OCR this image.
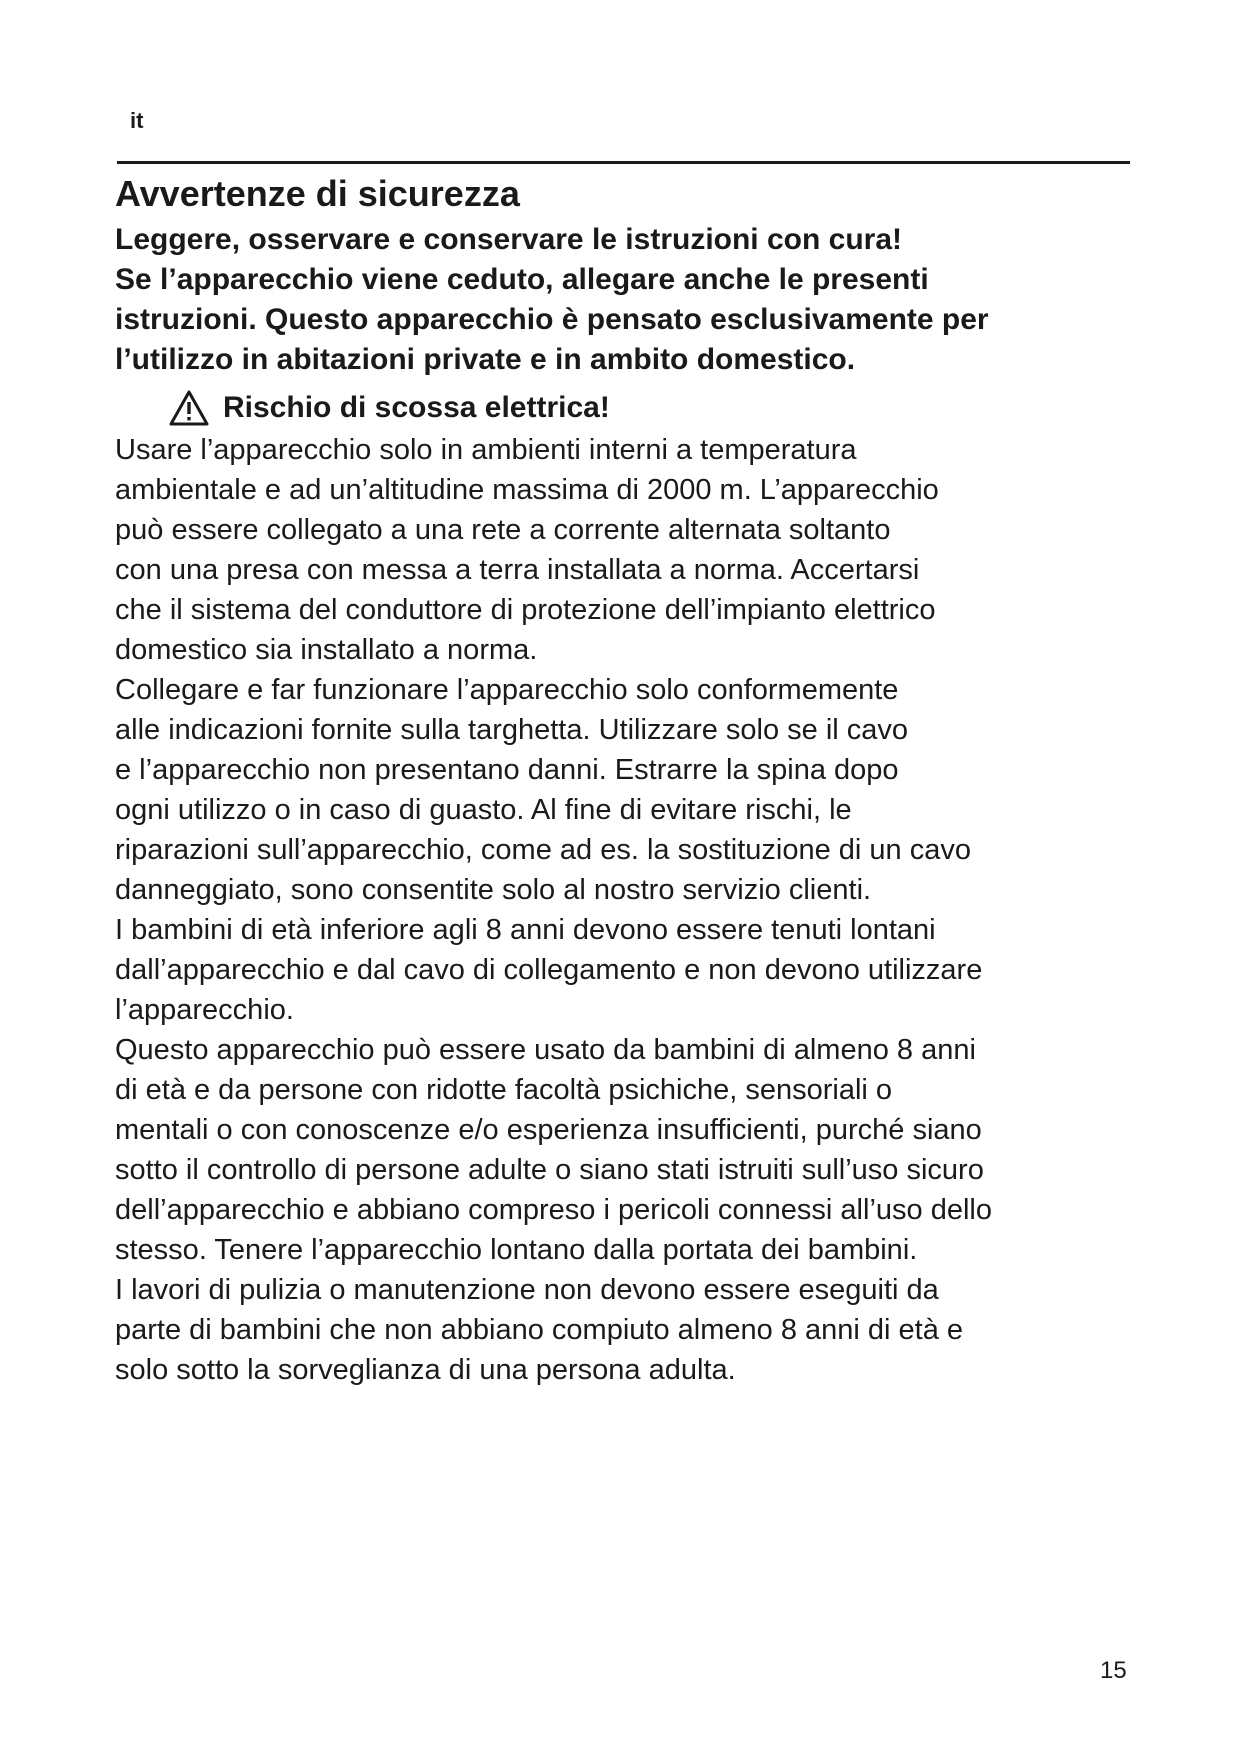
it

Avvertenze di sicurezza

Leggere, osservare e conservare le istruzioni con cura!
Se l’apparecchio viene ceduto, allegare anche le presenti
istruzioni. Questo apparecchio è pensato esclusivamente per
l’utilizzo in abitazioni private e in ambito domestico.

Rischio di scossa elettrica!

Usare l’apparecchio solo in ambienti interni a temperatura
ambientale e ad un’altitudine massima di 2000 m. L’apparecchio
può essere collegato a una rete a corrente alternata soltanto
con una presa con messa a terra installata a norma. Accertarsi
che il sistema del conduttore di protezione dell’impianto elettrico
domestico sia installato a norma.

Collegare e far funzionare l’apparecchio solo conformemente
alle indicazioni fornite sulla targhetta. Utilizzare solo se il cavo
e l’apparecchio non presentano danni. Estrarre la spina dopo
ogni utilizzo o in caso di guasto. Al fine di evitare rischi, le
riparazioni sull’apparecchio, come ad es. la sostituzione di un cavo
danneggiato, sono consentite solo al nostro servizio clienti.

I bambini di età inferiore agli 8 anni devono essere tenuti lontani
dall’apparecchio e dal cavo di collegamento e non devono utilizzare
l’apparecchio.

Questo apparecchio può essere usato da bambini di almeno 8 anni
di età e da persone con ridotte facoltà psichiche, sensoriali o
mentali o con conoscenze e/o esperienza insufficienti, purché siano
sotto il controllo di persone adulte o siano stati istruiti sull’uso sicuro
dell’apparecchio e abbiano compreso i pericoli connessi all’uso dello
stesso. Tenere l’apparecchio lontano dalla portata dei bambini.

I lavori di pulizia o manutenzione non devono essere eseguiti da
parte di bambini che non abbiano compiuto almeno 8 anni di età e
solo sotto la sorveglianza di una persona adulta.

15
